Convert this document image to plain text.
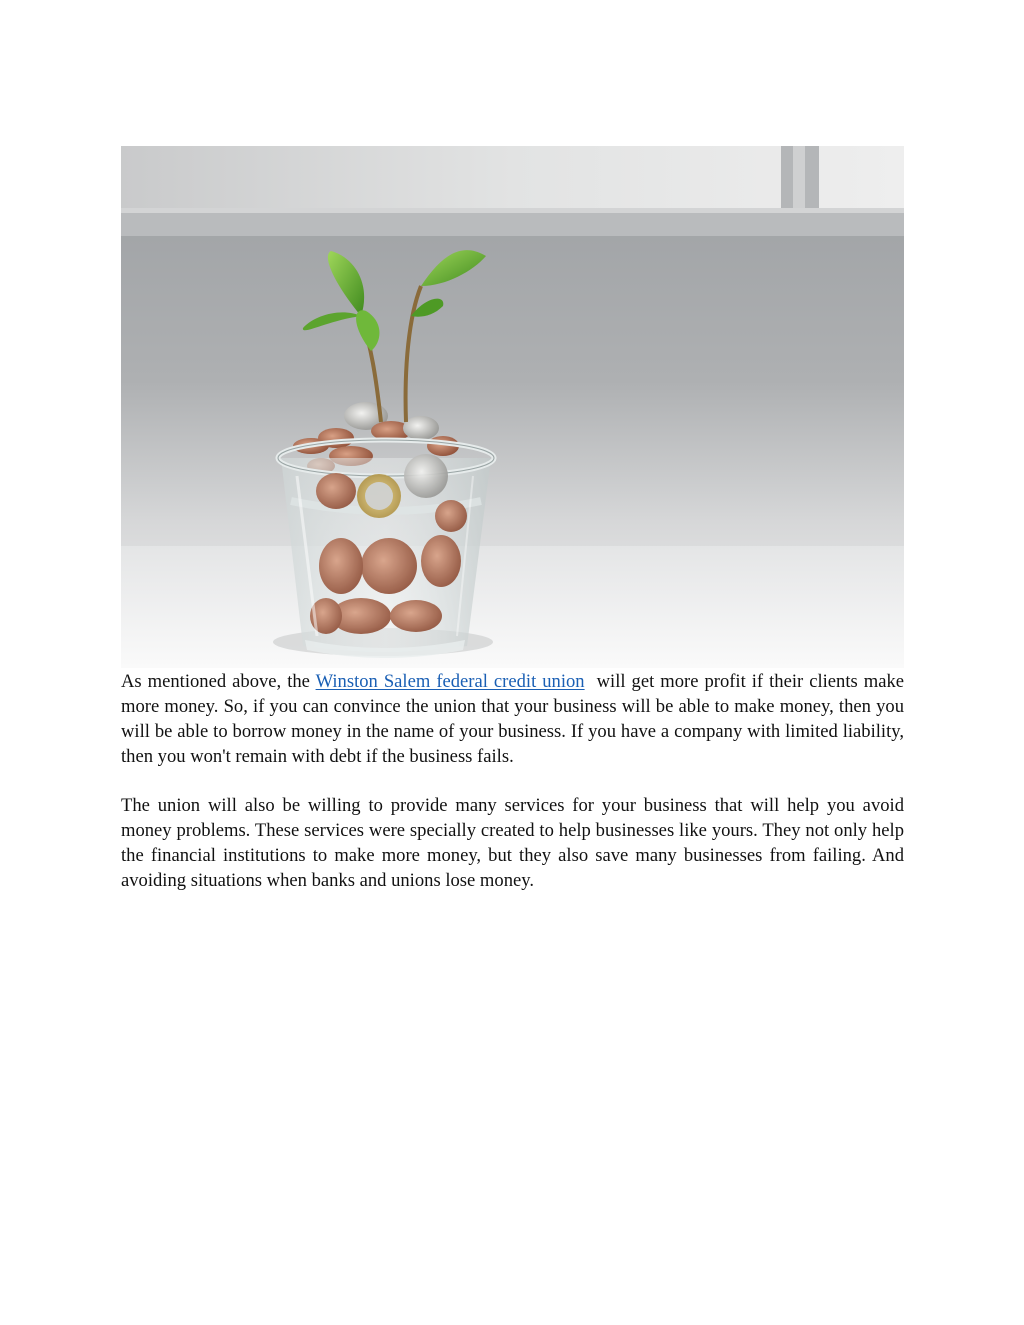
As mentioned above, the Winston Salem federal credit union  will get more profit if their clients make more money. So, if you can convince the union that your business will be able to make money, then you will be able to borrow money in the name of your business. If you have a company with limited liability, then you won't remain with debt if the business fails.

The union will also be willing to provide many services for your business that will help you avoid money problems. These services were specially created to help businesses like yours. They not only help the financial institutions to make more money, but they also save many businesses from failing. And avoiding situations when banks and unions lose money.
